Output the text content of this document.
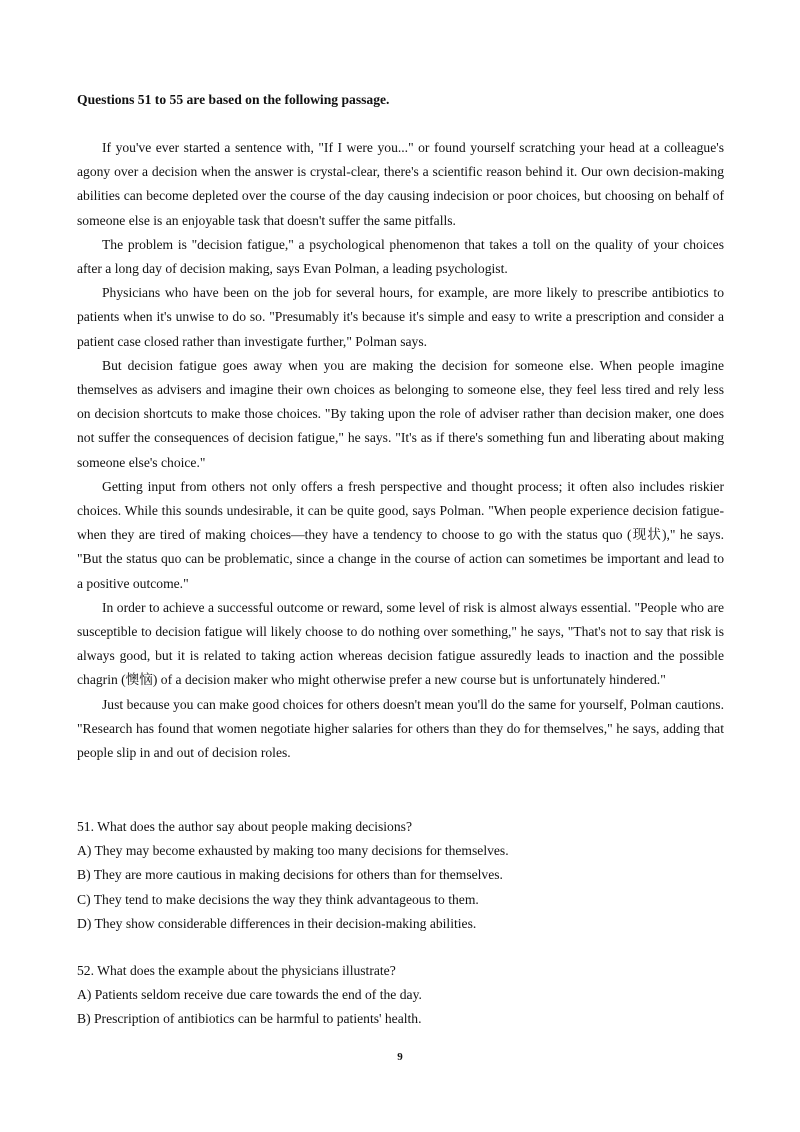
Questions 51 to 55 are based on the following passage.

If you've ever started a sentence with, "If I were you..." or found yourself scratching your head at a colleague's agony over a decision when the answer is crystal-clear, there's a scientific reason behind it. Our own decision-making abilities can become depleted over the course of the day causing indecision or poor choices, but choosing on behalf of someone else is an enjoyable task that doesn't suffer the same pitfalls.

The problem is "decision fatigue," a psychological phenomenon that takes a toll on the quality of your choices after a long day of decision making, says Evan Polman, a leading psychologist.

Physicians who have been on the job for several hours, for example, are more likely to prescribe antibiotics to patients when it's unwise to do so. "Presumably it's because it's simple and easy to write a prescription and consider a patient case closed rather than investigate further," Polman says.

But decision fatigue goes away when you are making the decision for someone else. When people imagine themselves as advisers and imagine their own choices as belonging to someone else, they feel less tired and rely less on decision shortcuts to make those choices. "By taking upon the role of adviser rather than decision maker, one does not suffer the consequences of decision fatigue," he says. "It's as if there's something fun and liberating about making someone else's choice."

Getting input from others not only offers a fresh perspective and thought process; it often also includes riskier choices. While this sounds undesirable, it can be quite good, says Polman. "When people experience decision fatigue-when they are tired of making choices—they have a tendency to choose to go with the status quo (现状)," he says. "But the status quo can be problematic, since a change in the course of action can sometimes be important and lead to a positive outcome."

In order to achieve a successful outcome or reward, some level of risk is almost always essential. "People who are susceptible to decision fatigue will likely choose to do nothing over something," he says, "That's not to say that risk is always good, but it is related to taking action whereas decision fatigue assuredly leads to inaction and the possible chagrin (懊恼) of a decision maker who might otherwise prefer a new course but is unfortunately hindered."

Just because you can make good choices for others doesn't mean you'll do the same for yourself, Polman cautions. "Research has found that women negotiate higher salaries for others than they do for themselves," he says, adding that people slip in and out of decision roles.

51. What does the author say about people making decisions?
A) They may become exhausted by making too many decisions for themselves.
B) They are more cautious in making decisions for others than for themselves.
C) They tend to make decisions the way they think advantageous to them.
D) They show considerable differences in their decision-making abilities.
52. What does the example about the physicians illustrate?
A) Patients seldom receive due care towards the end of the day.
B) Prescription of antibiotics can be harmful to patients' health.
9
